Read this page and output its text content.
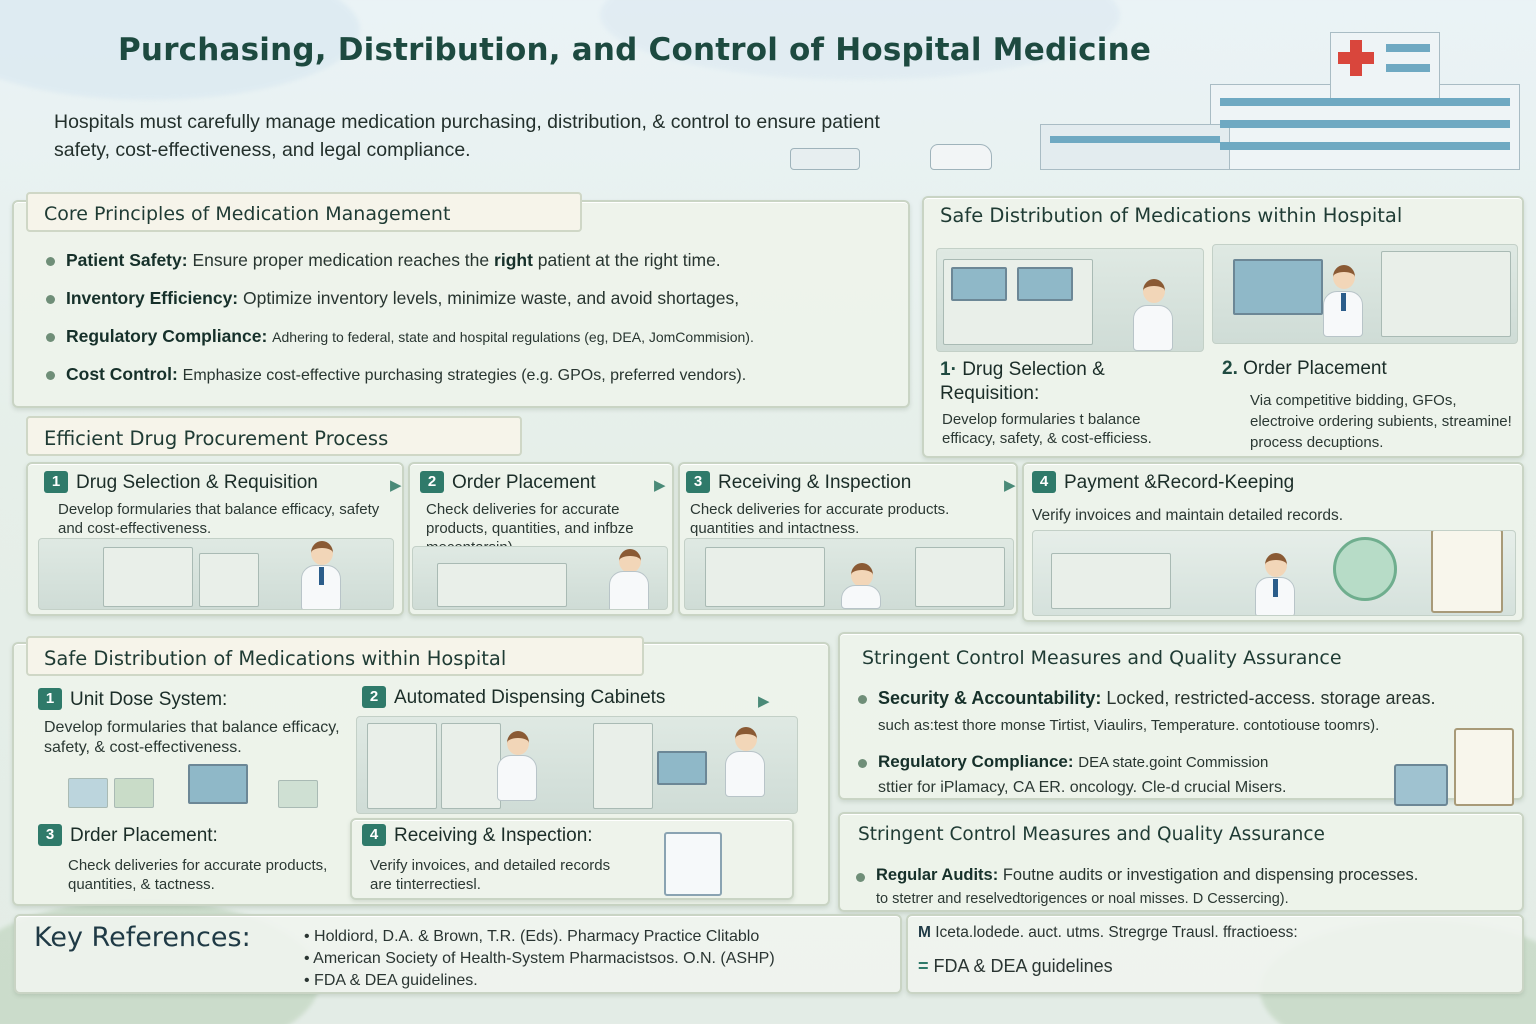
Purchasing, Distribution, and Control of Hospital Medicine
Hospitals must carefully manage medication purchasing, distribution, & control to ensure patient safety, cost-effectiveness, and legal compliance.
Core Principles of Medication Management
Patient Safety: Ensure proper medication reaches the right patient at the right time.
Inventory Efficiency: Optimize inventory levels, minimize waste, and avoid shortages,
Regulatory Compliance: Adhering to federal, state and hospital regulations (eg, DEA, JomCommision).
Cost Control: Emphasize cost-effective purchasing strategies (e.g. GPOs, preferred vendors).
Safe Distribution of Medications within Hospital
1· Drug Selection & Requisition:
Develop formularies t balance efficacy, safety, & cost-efficiess.
2. Order Placement
Via competitive bidding, GFOs, electroive ordering subients, streamine! process decuptions.
Efficient Drug Procurement Process
1 Drug Selection & Requisition	▶	2 Order Placement	▶	3 Receiving & Inspection	▶	4 Payment &Record-Keeping
Develop formularies that balance efficacy, safety and cost-effectiveness.
Check deliveries for accurate products, quantities, and infbze
Check deliveries for accurate products. quantities and intactness.
Verify invoices and maintain detailed records.
Safe Distribution of Medications within Hospital
1 Unit Dose System:
Develop formularies that balance efficacy, safety, & cost-effectiveness.
2 Automated Dispensing Cabinets	▶
3 Drder Placement:
Check deliveries for accurate products, quantities, & tactness.
4 Receiving & Inspection:
Verify invoices, and detailed records are tinterrectiesl.
Stringent Control Measures and Quality Assurance
Security & Accountability: Locked, restricted-access. storage areas.
such as:test thore monse Tirtist, Viaulirs, Temperature. contotiouse toomrs).
Regulatory Compliance: DEA state.goint Commission
sttier for iPlamacy, CA ER. oncology. Cle-d crucial Misers.
Stringent Control Measures and Quality Assurance
Regular Audits: Foutne audits or investigation and dispensing processes.
to stetrer and reselvedtorigences or noal misses. D Cessercing).
Key References:	• Holdiord, D.A. & Brown, T.R. (Eds). Pharmacy Practice Clitablo
• American Society of Health-System Pharmacistsos. O.N. (ASHP)
• FDA & DEA guidelines.
M Iceta.lodede. auct. utms. Stregrge Trausl. ffractioess:
= FDA & DEA guidelines
